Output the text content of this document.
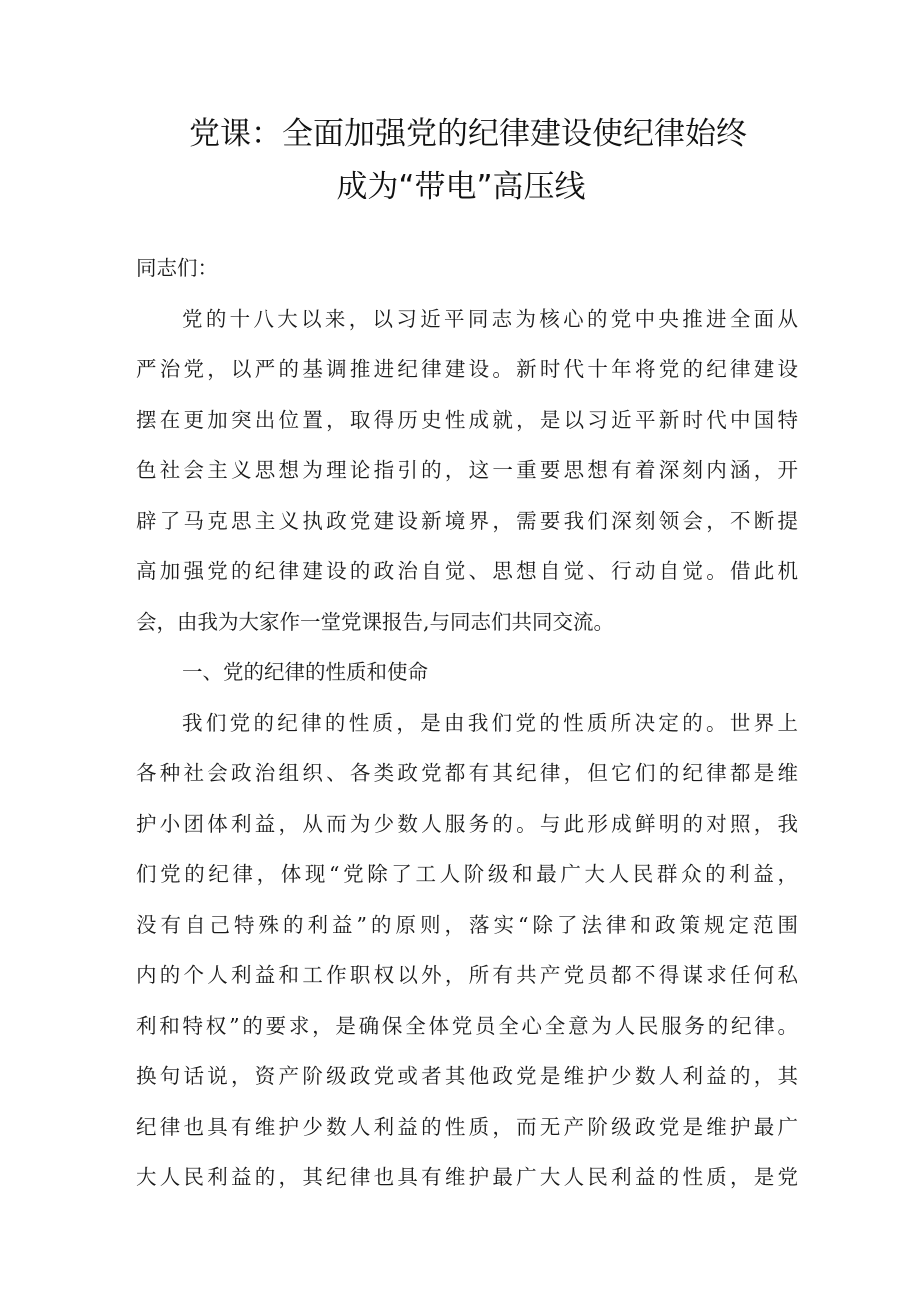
党课：全面加强党的纪律建设使纪律始终
成为“带电”高压线
同志们：
党的十八大以来，以习近平同志为核心的党中央推进全面从
严治党，以严的基调推进纪律建设。新时代十年将党的纪律建设
摆在更加突出位置，取得历史性成就，是以习近平新时代中国特
色社会主义思想为理论指引的，这一重要思想有着深刻内涵，开
辟了马克思主义执政党建设新境界，需要我们深刻领会，不断提
高加强党的纪律建设的政治自觉、思想自觉、行动自觉。借此机
会，由我为大家作一堂党课报告,与同志们共同交流。
一、党的纪律的性质和使命
我们党的纪律的性质，是由我们党的性质所决定的。世界上
各种社会政治组织、各类政党都有其纪律，但它们的纪律都是维
护小团体利益，从而为少数人服务的。与此形成鲜明的对照，我
们党的纪律，体现“党除了工人阶级和最广大人民群众的利益，
没有自己特殊的利益”的原则，落实“除了法律和政策规定范围
内的个人利益和工作职权以外，所有共产党员都不得谋求任何私
利和特权”的要求，是确保全体党员全心全意为人民服务的纪律。
换句话说，资产阶级政党或者其他政党是维护少数人利益的，其
纪律也具有维护少数人利益的性质，而无产阶级政党是维护最广
大人民利益的，其纪律也具有维护最广大人民利益的性质，是党
